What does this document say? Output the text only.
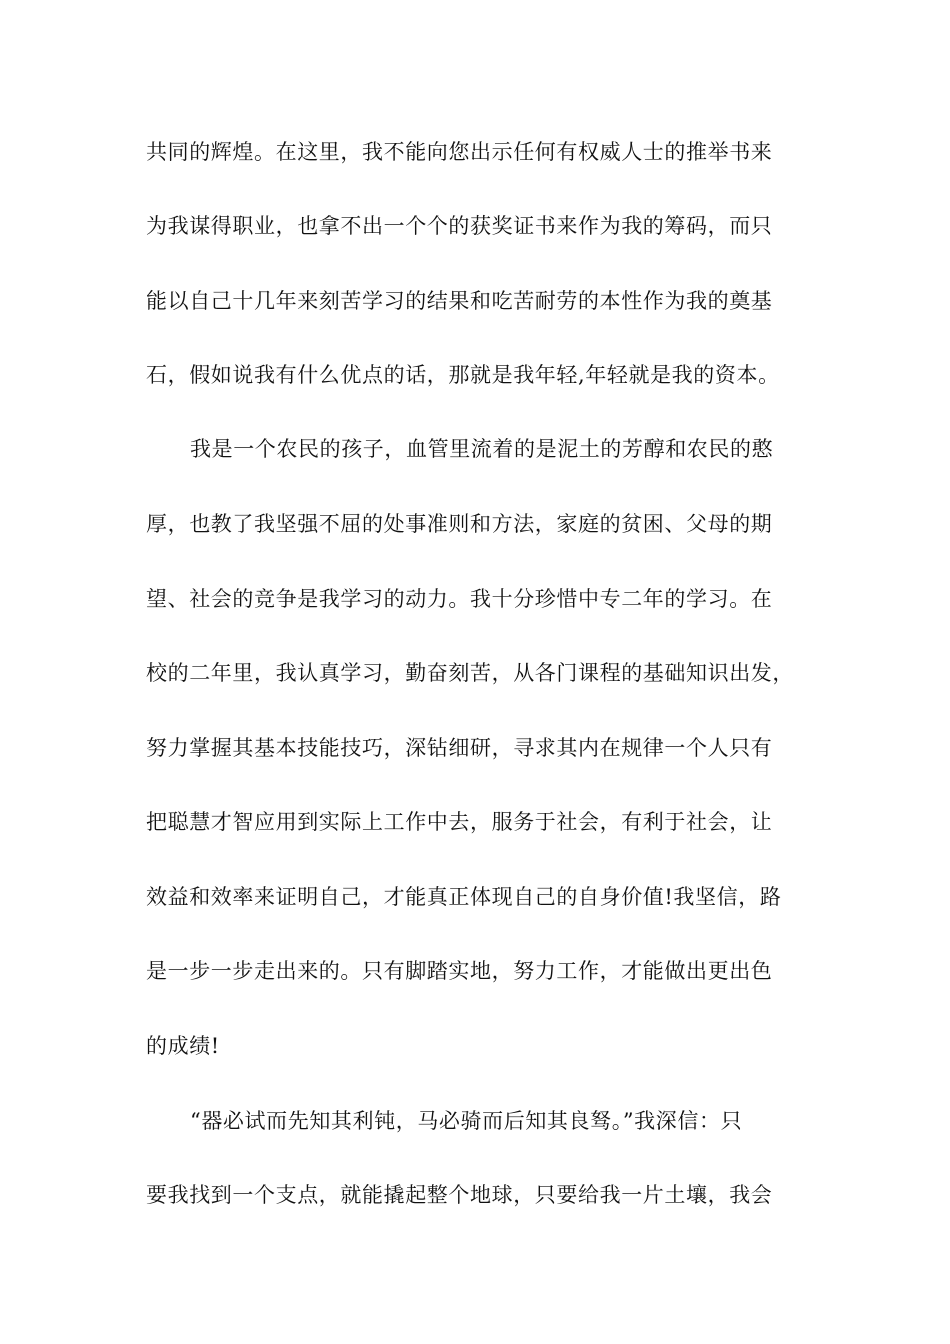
共同的辉煌。在这里，我不能向您出示任何有权威人士的推举书来
为我谋得职业，也拿不出一个个的获奖证书来作为我的筹码，而只
能以自己十几年来刻苦学习的结果和吃苦耐劳的本性作为我的奠基
石，假如说我有什么优点的话，那就是我年轻,年轻就是我的资本。
我是一个农民的孩子，血管里流着的是泥土的芳醇和农民的憨
厚，也教了我坚强不屈的处事准则和方法，家庭的贫困、父母的期
望、社会的竞争是我学习的动力。我十分珍惜中专二年的学习。在
校的二年里，我认真学习，勤奋刻苦，从各门课程的基础知识出发，
努力掌握其基本技能技巧，深钻细研，寻求其内在规律一个人只有
把聪慧才智应用到实际上工作中去，服务于社会，有利于社会，让
效益和效率来证明自己，才能真正体现自己的自身价值!我坚信，路
是一步一步走出来的。只有脚踏实地，努力工作，才能做出更出色
的成绩!
“器必试而先知其利钝，马必骑而后知其良驽。”我深信：只
要我找到一个支点，就能撬起整个地球，只要给我一片土壤，我会
